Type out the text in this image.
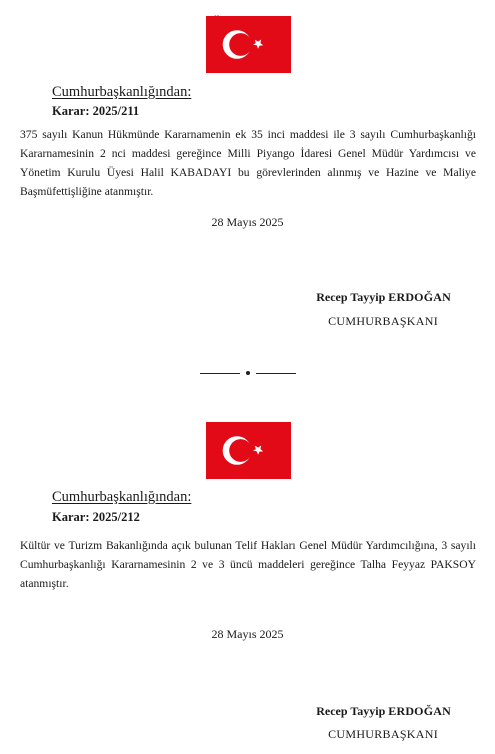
Cumhurbaşkanlığından:
Karar: 2025/211
375 sayılı Kanun Hükmünde Kararnamenin ek 35 inci maddesi ile 3 sayılı Cumhurbaşkanlığı Kararnamesinin 2 nci maddesi gereğince Milli Piyango İdaresi Genel Müdür Yardımcısı ve Yönetim Kurulu Üyesi Halil KABADAYI bu görevlerinden alınmış ve Hazine ve Maliye Başmüfettişliğine atanmıştır.
28 Mayıs 2025
Recep Tayyip ERDOĞAN
CUMHURBAŞKANI
Cumhurbaşkanlığından:
Karar: 2025/212
Kültür ve Turizm Bakanlığında açık bulunan Telif Hakları Genel Müdür Yardımcılığına, 3 sayılı Cumhurbaşkanlığı Kararnamesinin 2 ve 3 üncü maddeleri gereğince Talha Feyyaz PAKSOY atanmıştır.
28 Mayıs 2025
Recep Tayyip ERDOĞAN
CUMHURBAŞKANI
